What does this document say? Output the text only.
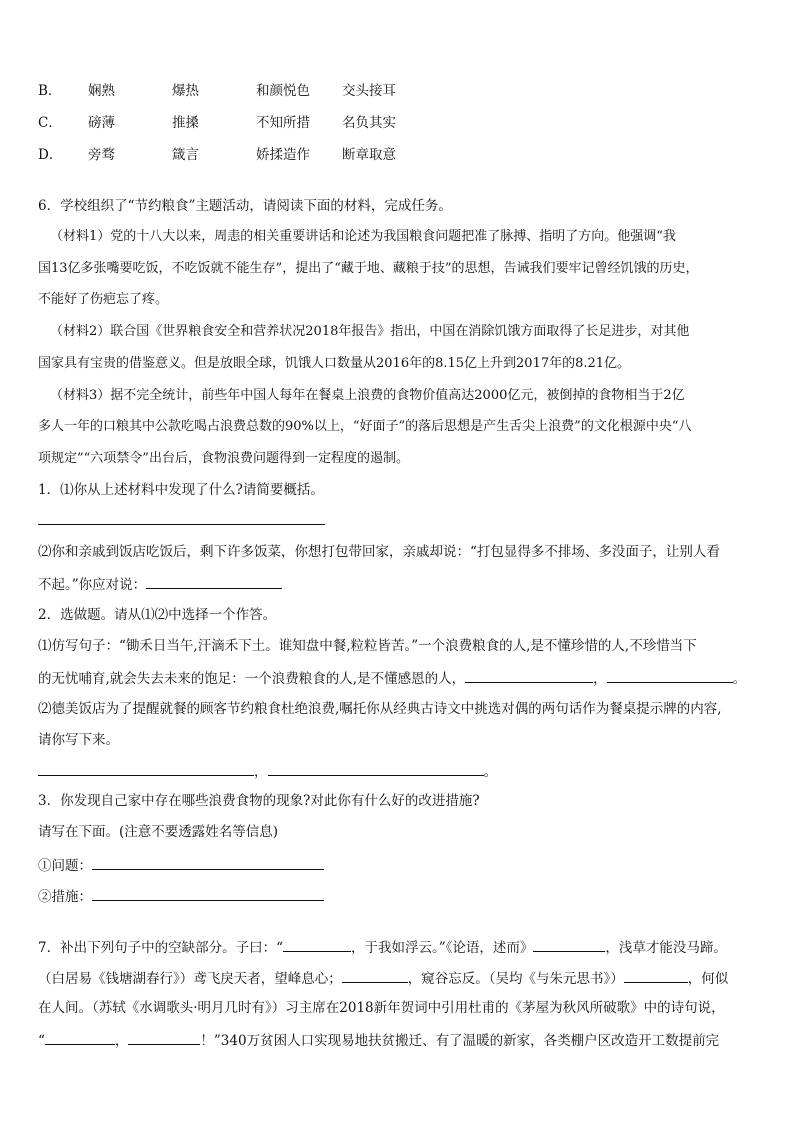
B． 娴熟	爆热	和颜悦色 交头接耳
C． 磅薄	推搡	不知所措 名负其实
D． 旁骛	箴言	娇揉造作 断章取意
6．学校组织了“节约粮食”主题活动，请阅读下面的材料，完成任务。
（材料1）党的十八大以来，周恚的相关重要讲话和论述为我国粮食问题把准了脉搏、指明了方向。他强调“我
国13亿多张嘴要吃饭，不吃饭就不能生存”，提出了“藏于地、藏粮于技”的思想，告诫我们要牢记曾经饥饿的历史，
不能好了伤疤忘了疼。
（材料2）联合国《世界粮食安全和营养状况2018年报告》指出，中国在消除饥饿方面取得了长足进步，对其他
国家具有宝贵的借鉴意义。但是放眼全球，饥饿人口数量从2016年的8.15亿上升到2017年的8.21亿。
（材料3）据不完全统计，前些年中国人每年在餐桌上浪费的食物价值高达2000亿元，被倒掉的食物相当于2亿
多人一年的口粮其中公款吃喝占浪费总数的90%以上，“好面子”的落后思想是产生舌尖上浪费”的文化根源中央“八
项规定”“六项禁令”出台后，食物浪费问题得到一定程度的遏制。
1．⑴你从上述材料中发现了什么?请简要概括。
⑵你和亲戚到饭店吃饭后，剩下许多饭菜，你想打包带回家，亲戚却说：“打包显得多不排场、多没面子，让别人看
不起。”你应对说：
2．选做题。请从⑴⑵中选择一个作答。
⑴仿写句子：“锄禾日当午,汗滴禾下土。谁知盘中餐,粒粒皆苦。”一个浪费粮食的人,是不懂珍惜的人,不珍惜当下
的无忧哺育,就会失去未来的饱足：一个浪费粮食的人,是不懂感恩的人，	，	。
⑵德美饭店为了提醒就餐的顾客节约粮食杜绝浪费,嘱托你从经典古诗文中挑选对偶的两句话作为餐桌提示牌的内容,
请你写下来。
，	。
3．你发现自己家中存在哪些浪费食物的现象?对此你有什么好的改进措施?
请写在下面。(注意不要透露姓名等信息)
①问题：
②措施：
7．补出下列句子中的空缺部分。子曰：“	，于我如浮云。”《论语，述而》	，浅草才能没马蹄。
（白居易《钱塘湖春行》）鸢飞戾天者，望峰息心；	，窥谷忘反。（吴均《与朱元思书》）	，何似
在人间。（苏轼《水调歌头·明月几时有》）习主席在2018新年贺词中引用杜甫的《茅屋为秋风所破歌》中的诗句说，
“	，	！”340万贫困人口实现易地扶贫搬迁、有了温暖的新家，各类棚户区改造开工数提前完
